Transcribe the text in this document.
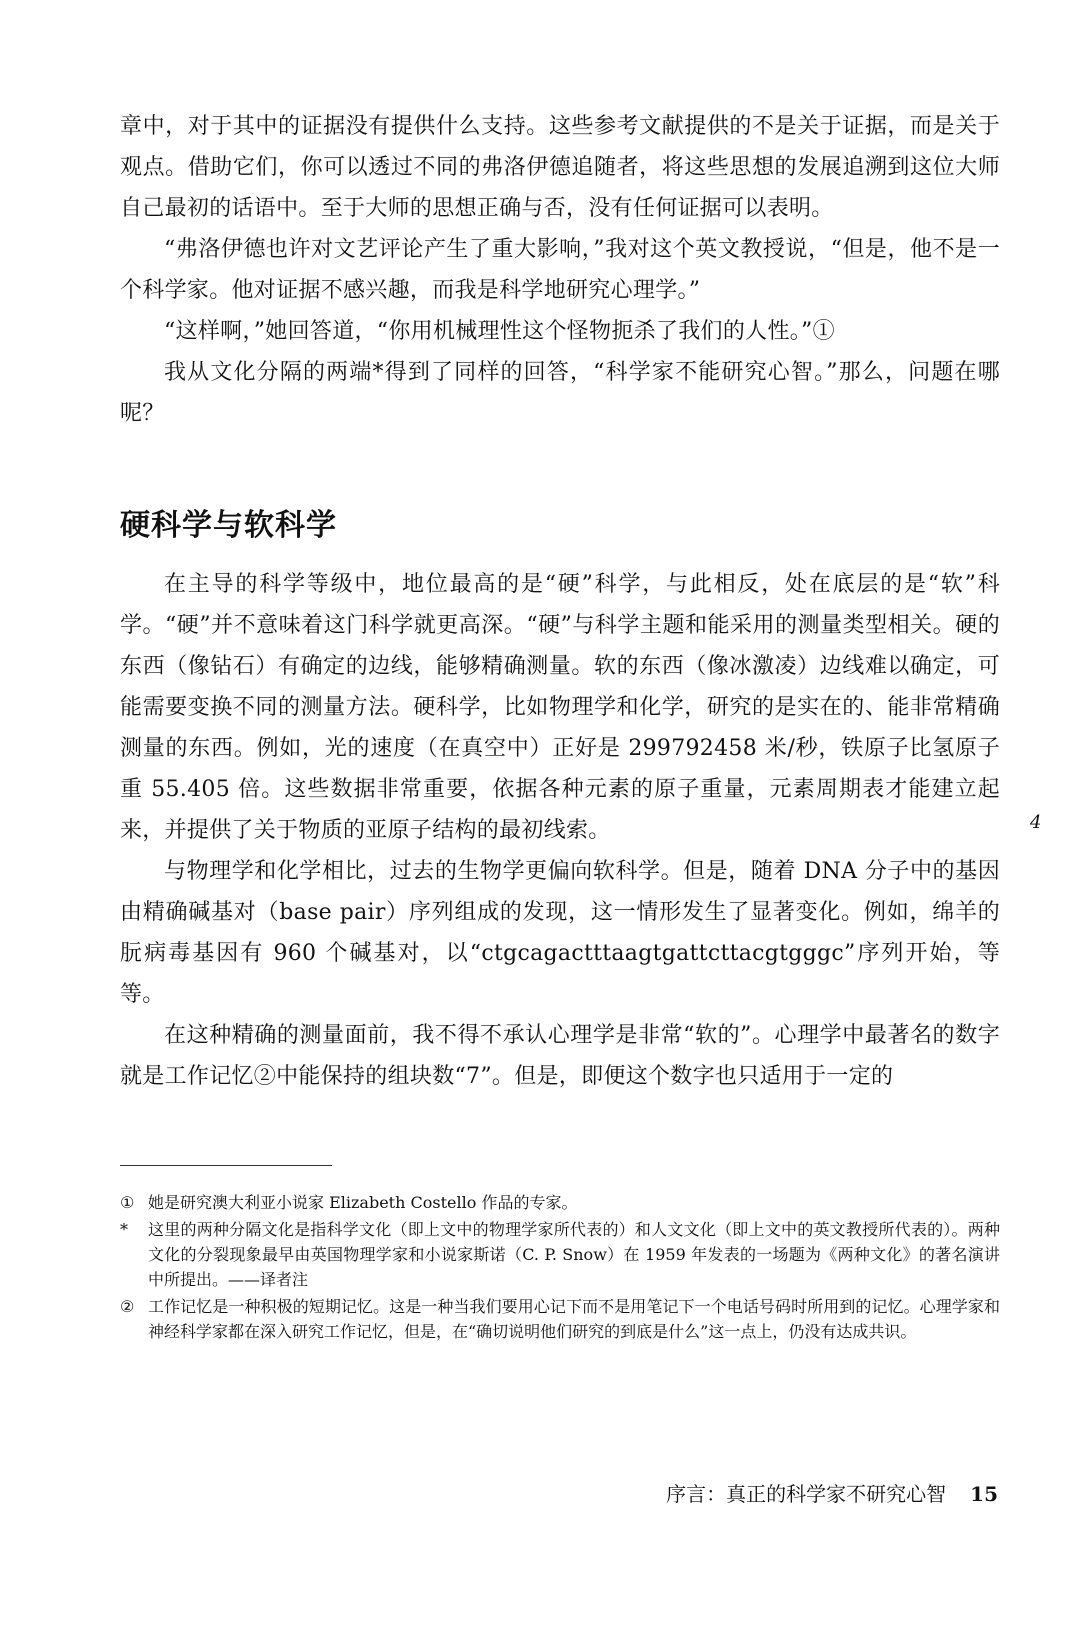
章中，对于其中的证据没有提供什么支持。这些参考文献提供的不是关于证据，而是关于观点。借助它们，你可以透过不同的弗洛伊德追随者，将这些思想的发展追溯到这位大师自己最初的话语中。至于大师的思想正确与否，没有任何证据可以表明。

“弗洛伊德也许对文艺评论产生了重大影响，”我对这个英文教授说，“但是，他不是一个科学家。他对证据不感兴趣，而我是科学地研究心理学。”

“这样啊，”她回答道，“你用机械理性这个怪物扼杀了我们的人性。”①

我从文化分隔的两端*得到了同样的回答，“科学家不能研究心智。”那么，问题在哪呢？

硬科学与软科学

在主导的科学等级中，地位最高的是“硬”科学，与此相反，处在底层的是“软”科学。“硬”并不意味着这门科学就更高深。“硬”与科学主题和能采用的测量类型相关。硬的东西（像钻石）有确定的边线，能够精确测量。软的东西（像冰激凌）边线难以确定，可能需要变换不同的测量方法。硬科学，比如物理学和化学，研究的是实在的、能非常精确测量的东西。例如，光的速度（在真空中）正好是 299792458 米/秒，铁原子比氢原子重 55.405 倍。这些数据非常重要，依据各种元素的原子重量，元素周期表才能建立起来，并提供了关于物质的亚原子结构的最初线索。

与物理学和化学相比，过去的生物学更偏向软科学。但是，随着 DNA 分子中的基因由精确碱基对（base pair）序列组成的发现，这一情形发生了显著变化。例如，绵羊的朊病毒基因有 960 个碱基对，以“ctgcagactttaagtgattcttacgtgggc”序列开始，等等。

在这种精确的测量面前，我不得不承认心理学是非常“软的”。心理学中最著名的数字就是工作记忆②中能保持的组块数“7”。但是，即便这个数字也只适用于一定的

4
① 她是研究澳大利亚小说家 Elizabeth Costello 作品的专家。
*	这里的两种分隔文化是指科学文化（即上文中的物理学家所代表的）和人文文化（即上文中的英文教授所代表的）。两种文化的分裂现象最早由英国物理学家和小说家斯诺（C. P. Snow）在 1959 年发表的一场题为《两种文化》的著名演讲中所提出。——译者注
② 工作记忆是一种积极的短期记忆。这是一种当我们要用心记下而不是用笔记下一个电话号码时所用到的记忆。心理学家和神经科学家都在深入研究工作记忆，但是，在“确切说明他们研究的到底是什么”这一点上，仍没有达成共识。
序言：真正的科学家不研究心智 15
